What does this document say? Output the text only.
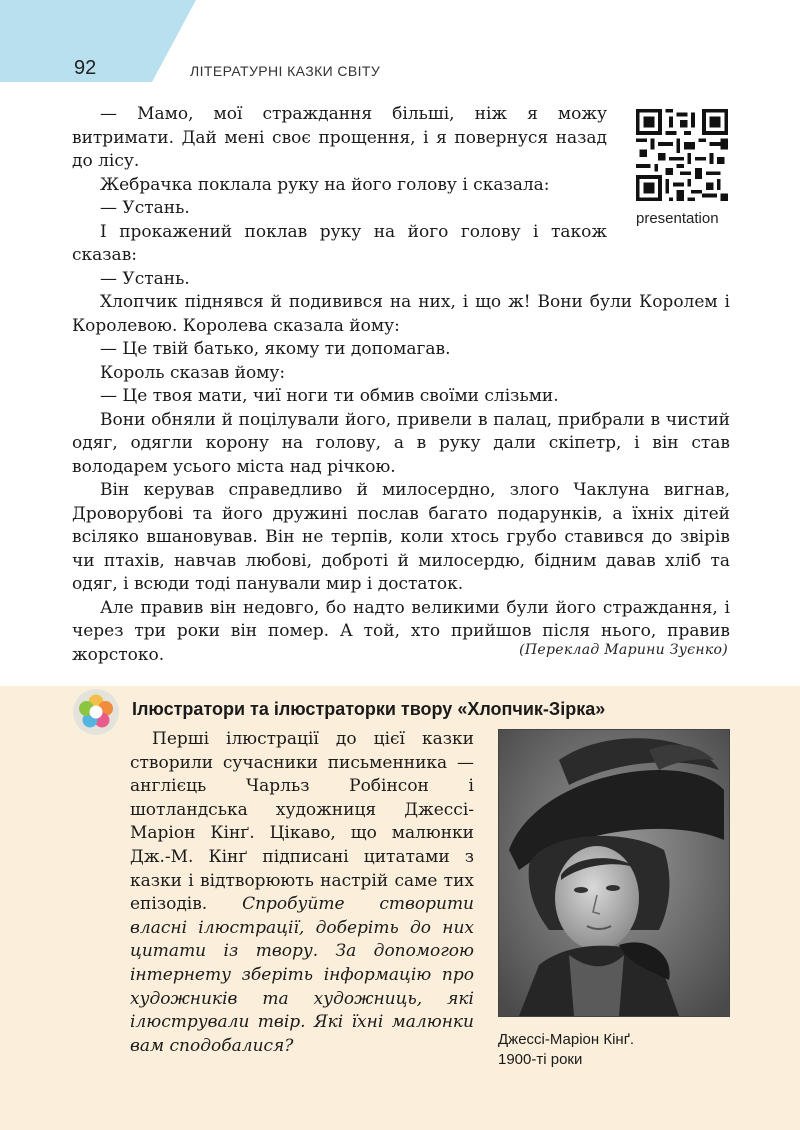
92	ЛІТЕРАТУРНІ КАЗКИ СВІТУ
presentation

— Мамо, мої страждання більші, ніж я можу витримати. Дай мені своє прощення, і я повернуся назад до лісу.

Жебрачка поклала руку на його голову і сказала:

— Устань.

І прокажений поклав руку на його голову і також сказав:

— Устань.

Хлопчик піднявся й подивився на них, і що ж! Вони були Королем і Королевою. Королева сказала йому:

— Це твій батько, якому ти допомагав.

Король сказав йому:

— Це твоя мати, чиї ноги ти обмив своїми слізьми.

Вони обняли й поцілували його, привели в палац, прибрали в чистий одяг, одягли корону на голову, а в руку дали скіпетр, і він став володарем усього міста над річкою.

Він керував справедливо й милосердно, злого Чаклуна вигнав, Дроворубові та його дружині послав багато подарунків, а їхніх дітей всіляко вшановував. Він не терпів, коли хтось грубо ставився до звірів чи птахів, навчав любові, доброті й милосердю, бідним давав хліб та одяг, і всюди тоді панували мир і достаток.

Але правив він недовго, бо надто великими були його страждання, і через три роки він помер. А той, хто прийшов після нього, правив жорстоко.	(Переклад Марини Зуєнко)
Ілюстратори та ілюстраторки твору «Хлопчик-Зірка»
Перші ілюстрації до цієї казки створили сучасники письменника — англієць Чарльз Робінсон і шотландська художниця Джессі-Маріон Кінґ. Цікаво, що малюнки Дж.-М. Кінґ підписані цитатами з казки і відтворюють настрій саме тих епізодів. Спробуйте створити власні ілюстрації, доберіть до них цитати із твору. За допомогою інтернету зберіть інформацію про художників та художниць, які ілюстрували твір. Які їхні малюнки вам сподобалися?	Джессі-Маріон Кінґ.
1900-ті роки
